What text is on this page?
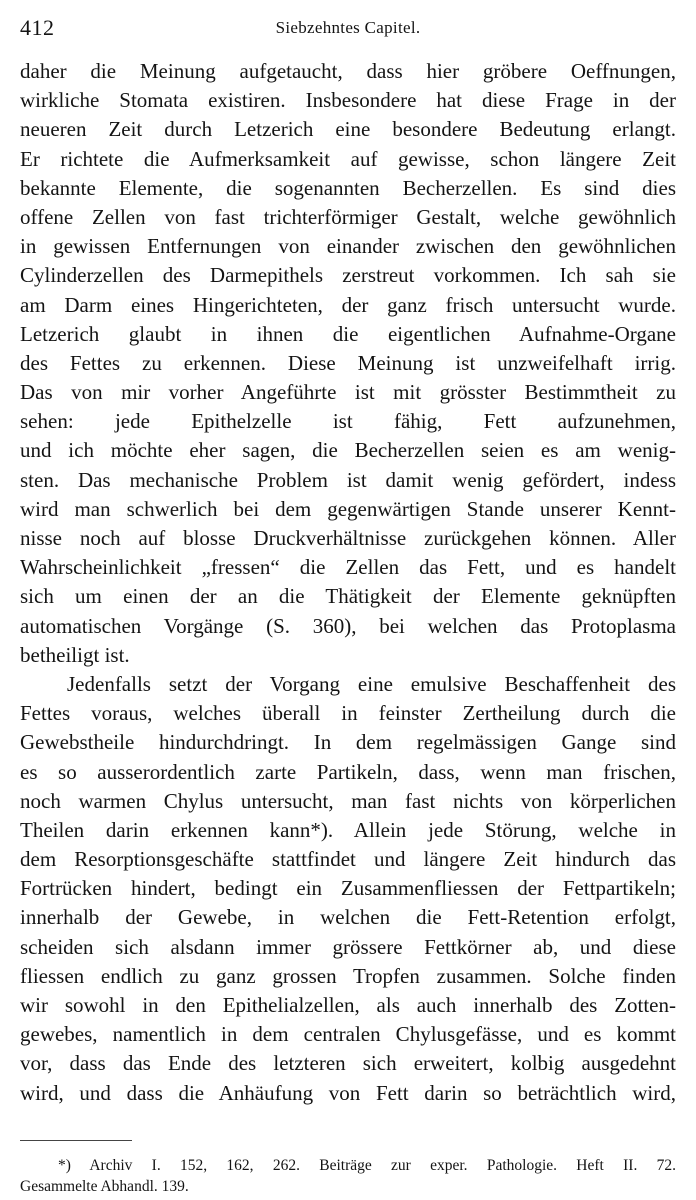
412	Siebzehntes Capitel.
daher die Meinung aufgetaucht, dass hier gröbere Oeffnungen,
wirkliche Stomata existiren. Insbesondere hat diese Frage in der
neueren Zeit durch Letzerich eine besondere Bedeutung erlangt.
Er richtete die Aufmerksamkeit auf gewisse, schon längere Zeit
bekannte Elemente, die sogenannten Becherzellen. Es sind dies
offene Zellen von fast trichterförmiger Gestalt, welche gewöhnlich
in gewissen Entfernungen von einander zwischen den gewöhnlichen
Cylinderzellen des Darmepithels zerstreut vorkommen. Ich sah sie
am Darm eines Hingerichteten, der ganz frisch untersucht wurde.
Letzerich glaubt in ihnen die eigentlichen Aufnahme-Organe
des Fettes zu erkennen. Diese Meinung ist unzweifelhaft irrig.
Das von mir vorher Angeführte ist mit grösster Bestimmtheit zu
sehen: jede Epithelzelle ist fähig, Fett aufzunehmen,
und ich möchte eher sagen, die Becherzellen seien es am wenig-
sten. Das mechanische Problem ist damit wenig gefördert, indess
wird man schwerlich bei dem gegenwärtigen Stande unserer Kennt-
nisse noch auf blosse Druckverhältnisse zurückgehen können. Aller
Wahrscheinlichkeit „fressen“ die Zellen das Fett, und es handelt
sich um einen der an die Thätigkeit der Elemente geknüpften
automatischen Vorgänge (S. 360), bei welchen das Protoplasma
betheiligt ist.
Jedenfalls setzt der Vorgang eine emulsive Beschaffenheit des
Fettes voraus, welches überall in feinster Zertheilung durch die
Gewebstheile hindurchdringt. In dem regelmässigen Gange sind
es so ausserordentlich zarte Partikeln, dass, wenn man frischen,
noch warmen Chylus untersucht, man fast nichts von körperlichen
Theilen darin erkennen kann*). Allein jede Störung, welche in
dem Resorptionsgeschäfte stattfindet und längere Zeit hindurch das
Fortrücken hindert, bedingt ein Zusammenfliessen der Fettpartikeln;
innerhalb der Gewebe, in welchen die Fett-Retention erfolgt,
scheiden sich alsdann immer grössere Fettkörner ab, und diese
fliessen endlich zu ganz grossen Tropfen zusammen. Solche finden
wir sowohl in den Epithelialzellen, als auch innerhalb des Zotten-
gewebes, namentlich in dem centralen Chylusgefässe, und es kommt
vor, dass das Ende des letzteren sich erweitert, kolbig ausgedehnt
wird, und dass die Anhäufung von Fett darin so beträchtlich wird,
*) Archiv I. 152, 162, 262. Beiträge zur exper. Pathologie. Heft II. 72.
Gesammelte Abhandl. 139.
